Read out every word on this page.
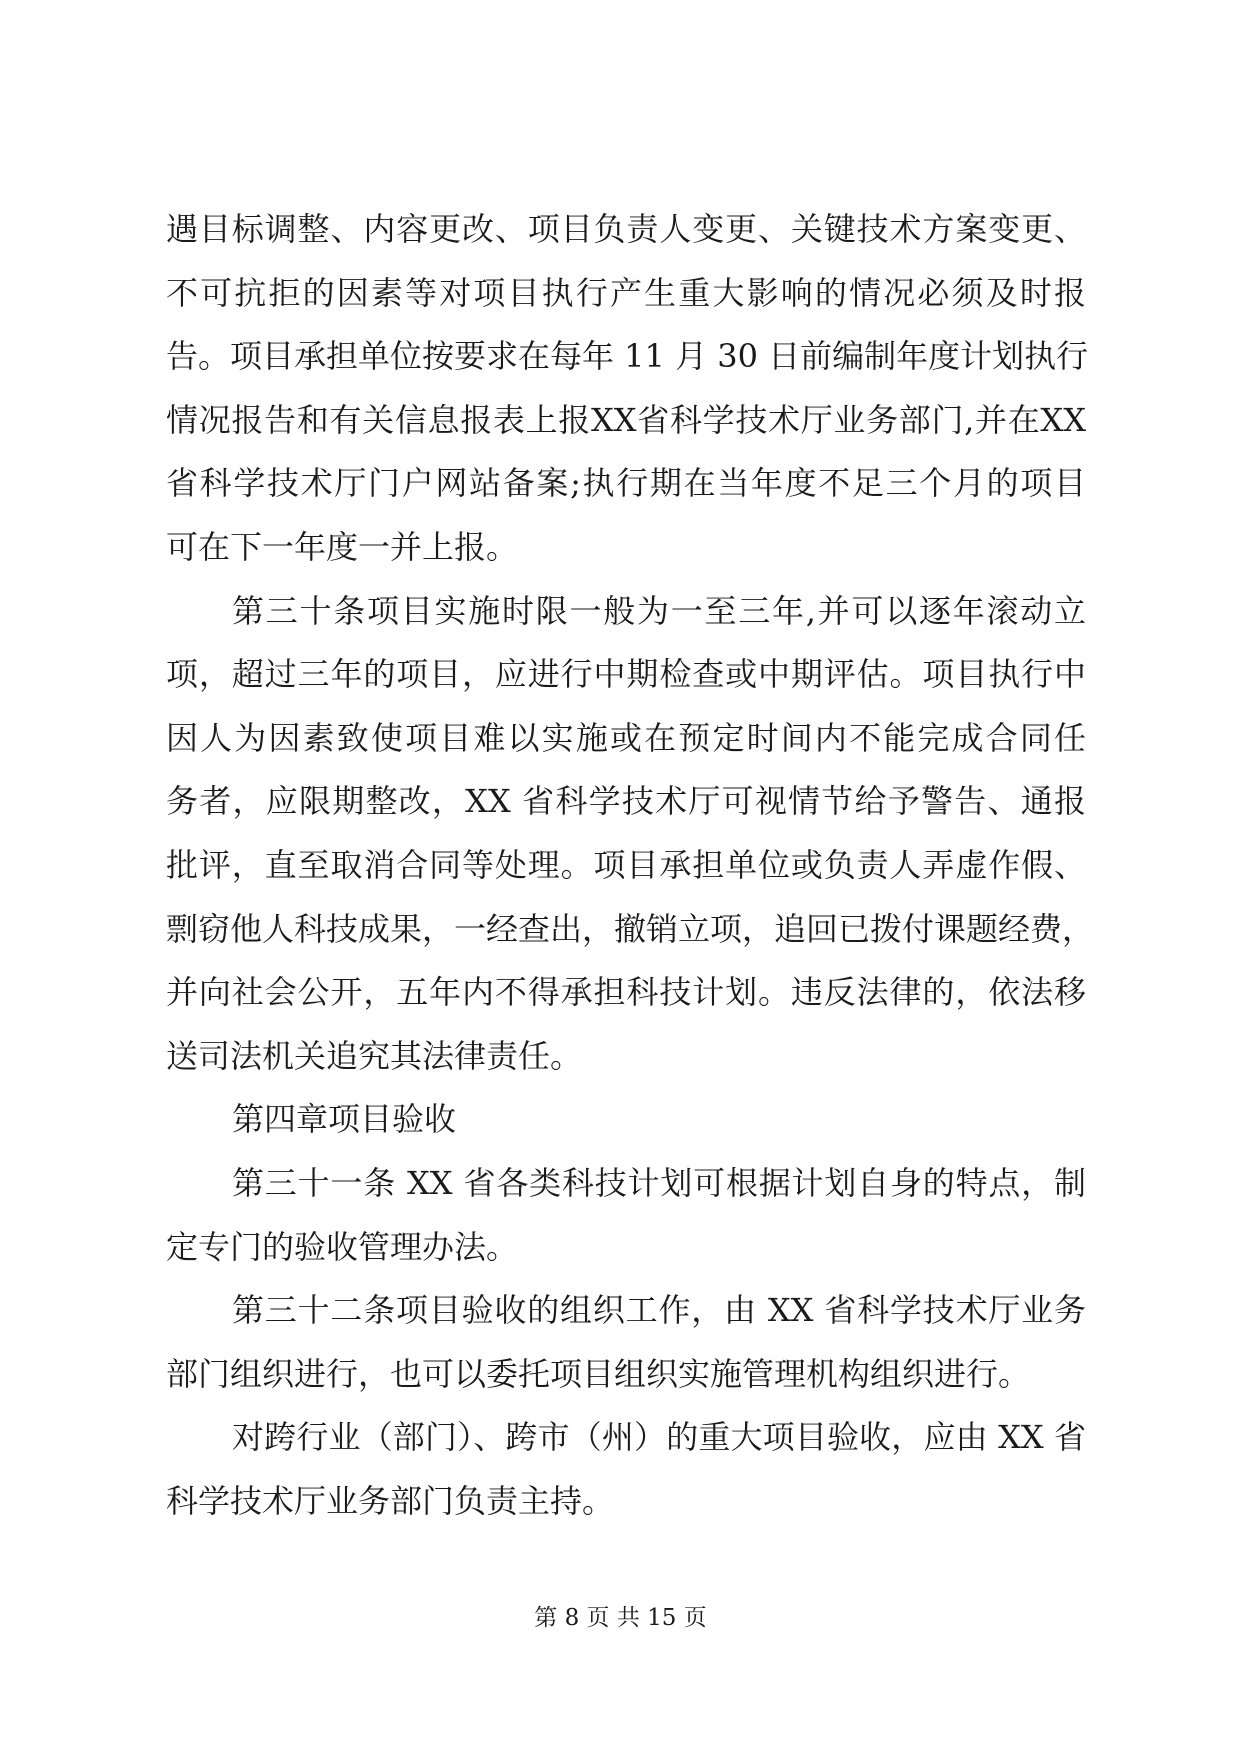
遇目标调整、内容更改、项目负责人变更、关键技术方案变更、
不可抗拒的因素等对项目执行产生重大影响的情况必须及时报
告。项目承担单位按要求在每年 11 月 30 日前编制年度计划执行
情况报告和有关信息报表上报XX省科学技术厅业务部门,并在XX
省科学技术厅门户网站备案;执行期在当年度不足三个月的项目
可在下一年度一并上报。
第三十条项目实施时限一般为一至三年,并可以逐年滚动立
项，超过三年的项目，应进行中期检查或中期评估。项目执行中
因人为因素致使项目难以实施或在预定时间内不能完成合同任
务者，应限期整改，XX 省科学技术厅可视情节给予警告、通报
批评，直至取消合同等处理。项目承担单位或负责人弄虚作假、
剽窃他人科技成果，一经查出，撤销立项，追回已拨付课题经费，
并向社会公开，五年内不得承担科技计划。违反法律的，依法移
送司法机关追究其法律责任。
第四章项目验收
第三十一条 XX 省各类科技计划可根据计划自身的特点，制
定专门的验收管理办法。
第三十二条项目验收的组织工作，由 XX 省科学技术厅业务
部门组织进行，也可以委托项目组织实施管理机构组织进行。
对跨行业（部门）、跨市（州）的重大项目验收，应由 XX 省
科学技术厅业务部门负责主持。
第 8 页 共 15 页
